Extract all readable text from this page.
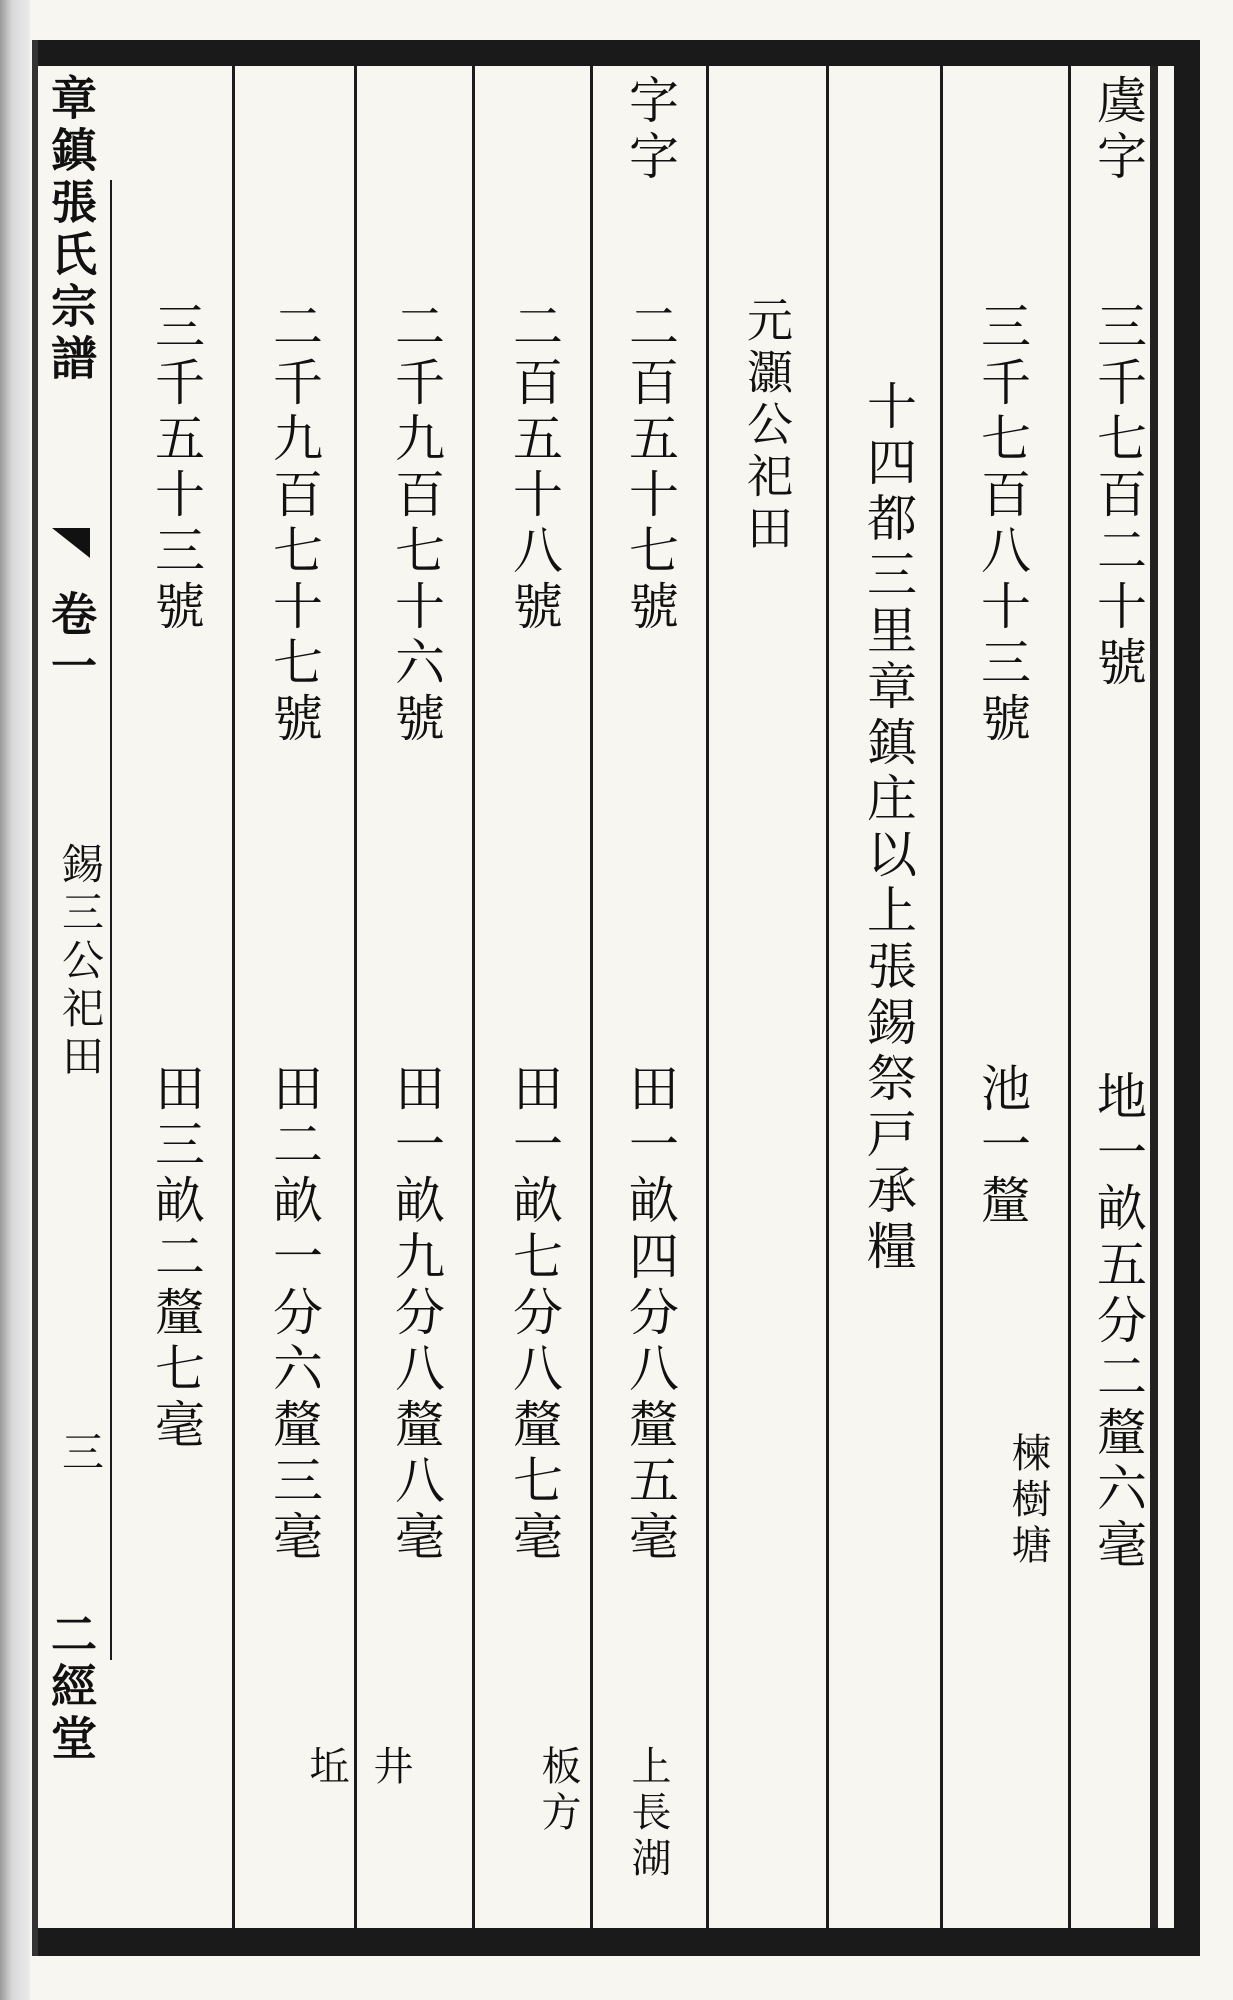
章鎮張氏宗譜
卷一
二經堂
錫三公祀田
三
虞字
三千七百二十號
地一畝五分二釐六毫
三千七百八十三號
池一釐
楝樹塘
十四都三里章鎮庄以上張錫祭戸承糧
元灝公祀田
字字
二百五十七號
田一畝四分八釐五毫
上長湖
二百五十八號
田一畝七分八釐七毫
板方
二千九百七十六號
田一畝九分八釐八毫
井
二千九百七十七號
田二畝一分六釐三毫
坵
三千五十三號
田三畝二釐七毫
